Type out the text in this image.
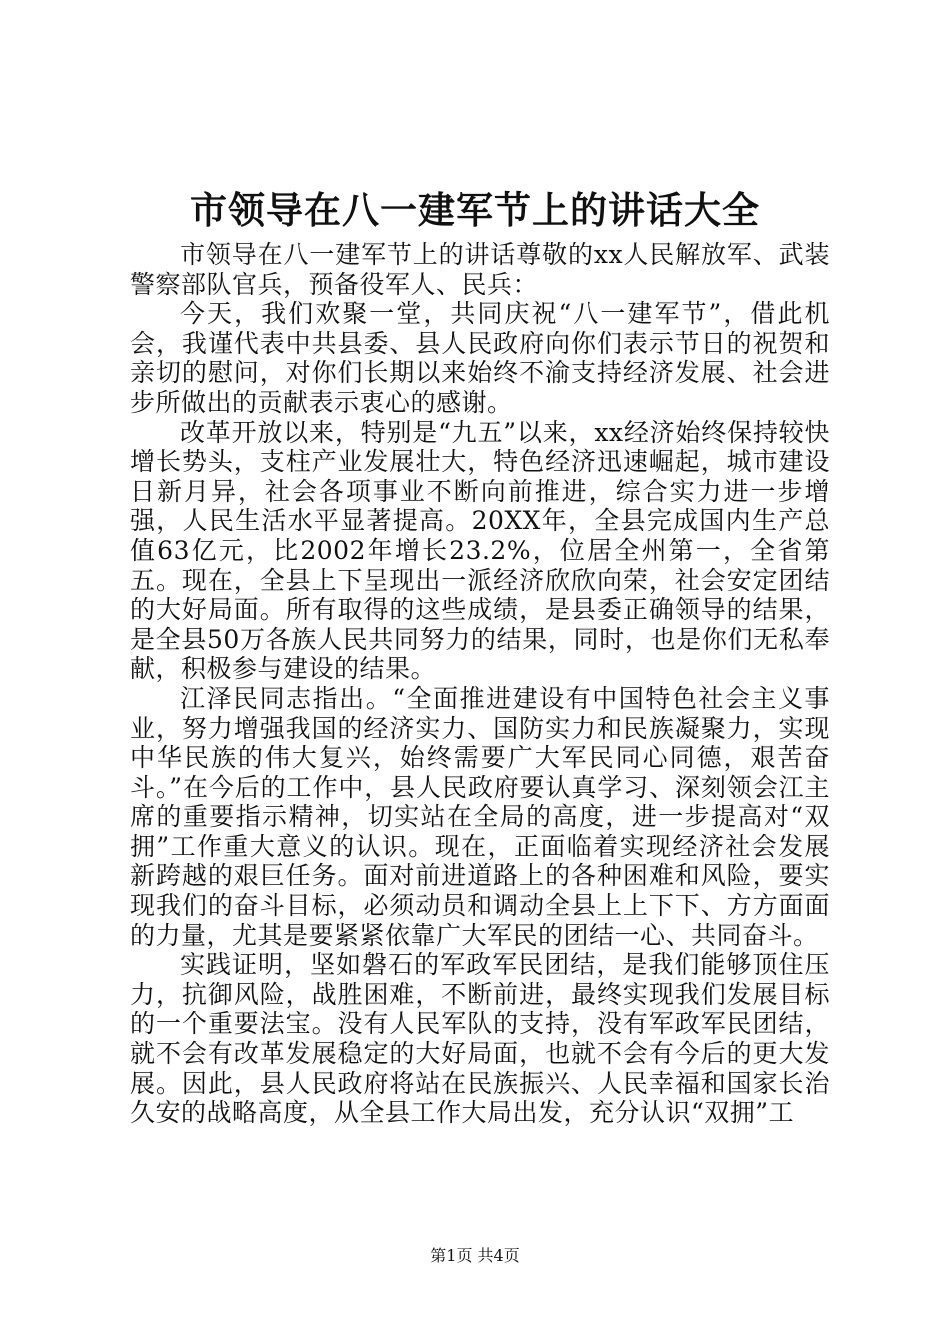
市领导在八一建军节上的讲话大全

市领导在八一建军节上的讲话尊敬的xx人民解放军、武装警察部队官兵，预备役军人、民兵：

今天，我们欢聚一堂，共同庆祝“八一建军节”，借此机会，我谨代表中共县委、县人民政府向你们表示节日的祝贺和亲切的慰问，对你们长期以来始终不渝支持经济发展、社会进步所做出的贡献表示衷心的感谢。

改革开放以来，特别是“九五”以来，xx经济始终保持较快增长势头，支柱产业发展壮大，特色经济迅速崛起，城市建设日新月异，社会各项事业不断向前推进，综合实力进一步增强，人民生活水平显著提高。20XX年，全县完成国内生产总值63亿元，比2002年增长23.2%，位居全州第一，全省第五。现在，全县上下呈现出一派经济欣欣向荣，社会安定团结的大好局面。所有取得的这些成绩，是县委正确领导的结果，是全县50万各族人民共同努力的结果，同时，也是你们无私奉献，积极参与建设的结果。

江泽民同志指出。“全面推进建设有中国特色社会主义事业，努力增强我国的经济实力、国防实力和民族凝聚力，实现中华民族的伟大复兴，始终需要广大军民同心同德，艰苦奋斗。”在今后的工作中，县人民政府要认真学习、深刻领会江主席的重要指示精神，切实站在全局的高度，进一步提高对“双拥”工作重大意义的认识。现在，正面临着实现经济社会发展新跨越的艰巨任务。面对前进道路上的各种困难和风险，要实现我们的奋斗目标，必须动员和调动全县上上下下、方方面面的力量，尤其是要紧紧依靠广大军民的团结一心、共同奋斗。

实践证明，坚如磐石的军政军民团结，是我们能够顶住压力，抗御风险，战胜困难，不断前进，最终实现我们发展目标的一个重要法宝。没有人民军队的支持，没有军政军民团结，就不会有改革发展稳定的大好局面，也就不会有今后的更大发展。因此，县人民政府将站在民族振兴、人民幸福和国家长治久安的战略高度，从全县工作大局出发，充分认识“双拥”工

第1页 共4页
